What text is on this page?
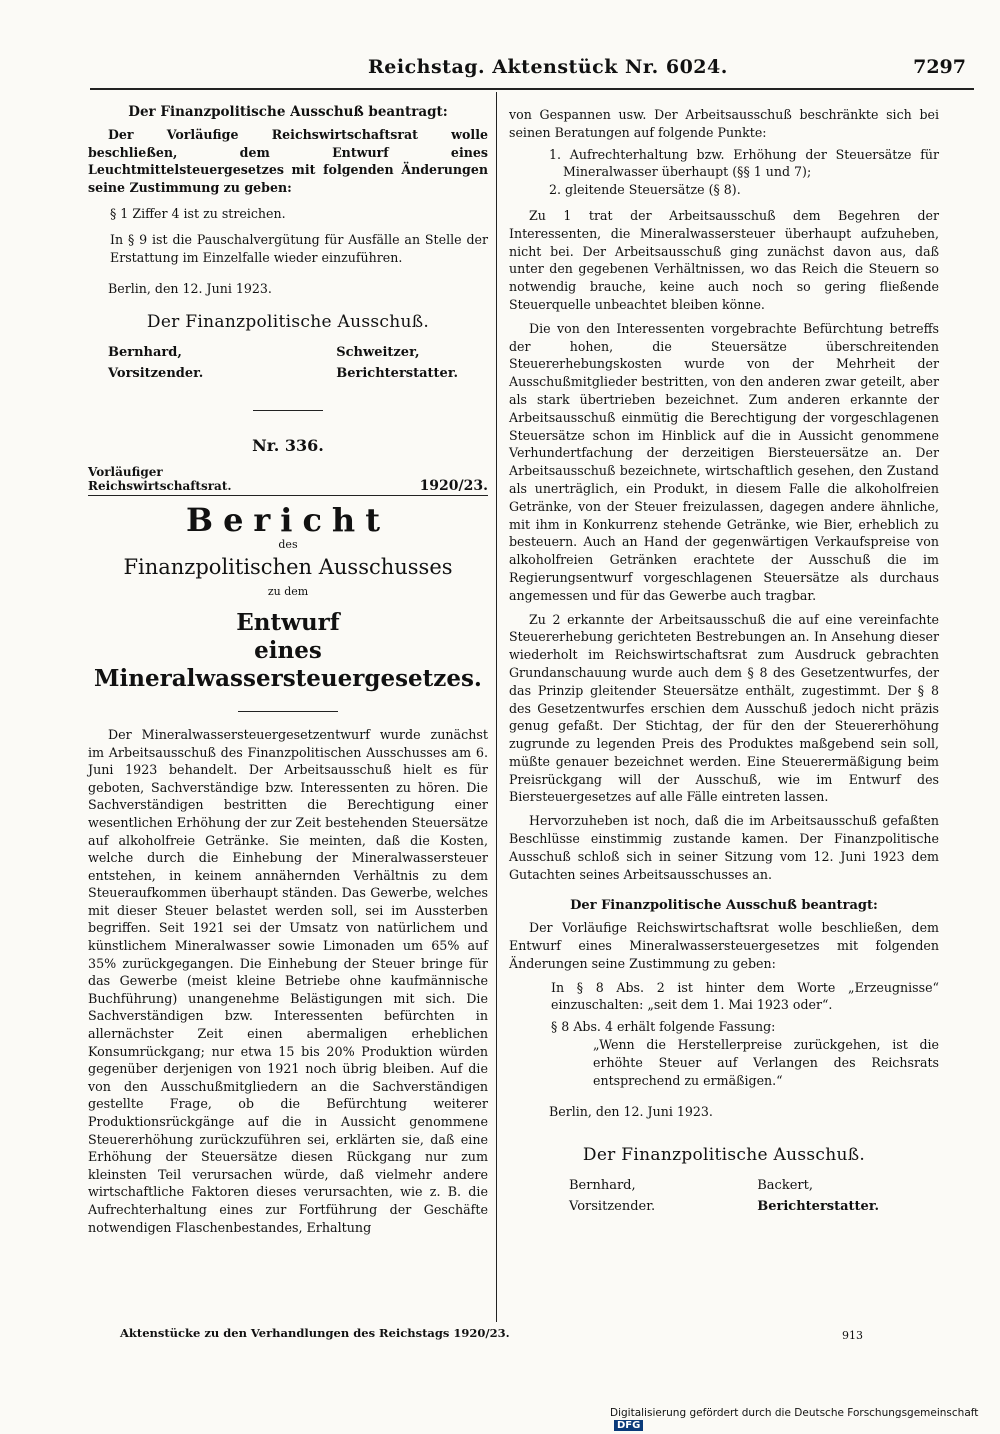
Reichstag. Aktenstück Nr. 6024.	7297

Der Finanzpolitische Ausschuß beantragt:

Der Vorläufige Reichswirtschaftsrat wolle beschließen, dem Entwurf eines Leuchtmittelsteuergesetzes mit folgenden Änderungen seine Zustimmung zu geben:

§ 1 Ziffer 4 ist zu streichen.

In § 9 ist die Pauschalvergütung für Ausfälle an Stelle der Erstattung im Einzelfalle wieder einzuführen.

Berlin, den 12. Juni 1923.

Der Finanzpolitische Ausschuß.

Bernhard,
Vorsitzender.
Schweitzer,
Berichterstatter.

Nr. 336.

Vorläufiger
Reichswirtschaftsrat.	1920/23.

Bericht

des

Finanzpolitischen Ausschusses

zu dem

Entwurf

eines Mineralwassersteuergesetzes.

Der Mineralwassersteuergesetzentwurf wurde zunächst im Arbeitsausschuß des Finanzpolitischen Ausschusses am 6. Juni 1923 behandelt. Der Arbeitsausschuß hielt es für geboten, Sachverständige bzw. Interessenten zu hören. Die Sachverständigen bestritten die Berechtigung einer wesentlichen Erhöhung der zur Zeit bestehenden Steuersätze auf alkoholfreie Getränke. Sie meinten, daß die Kosten, welche durch die Einhebung der Mineralwassersteuer entstehen, in keinem annähernden Verhältnis zu dem Steueraufkommen überhaupt ständen. Das Gewerbe, welches mit dieser Steuer belastet werden soll, sei im Aussterben begriffen. Seit 1921 sei der Umsatz von natürlichem und künstlichem Mineralwasser sowie Limonaden um 65% auf 35% zurückgegangen. Die Einhebung der Steuer bringe für das Gewerbe (meist kleine Betriebe ohne kaufmännische Buchführung) unangenehme Belästigungen mit sich. Die Sachverständigen bzw. Interessenten befürchten in allernächster Zeit einen abermaligen erheblichen Konsumrückgang; nur etwa 15 bis 20% Produktion würden gegenüber derjenigen von 1921 noch übrig bleiben. Auf die von den Ausschußmitgliedern an die Sachverständigen gestellte Frage, ob die Befürchtung weiterer Produktionsrückgänge auf die in Aussicht genommene Steuererhöhung zurückzuführen sei, erklärten sie, daß eine Erhöhung der Steuersätze diesen Rückgang nur zum kleinsten Teil verursachen würde, daß vielmehr andere wirtschaftliche Faktoren dieses verursachten, wie z. B. die Aufrechterhaltung eines zur Fortführung der Geschäfte notwendigen Flaschenbestandes, Erhaltung

von Gespannen usw. Der Arbeitsausschuß beschränkte sich bei seinen Beratungen auf folgende Punkte:

1. Aufrechterhaltung bzw. Erhöhung der Steuersätze für Mineralwasser überhaupt (§§ 1 und 7);

2. gleitende Steuersätze (§ 8).

Zu 1 trat der Arbeitsausschuß dem Begehren der Interessenten, die Mineralwassersteuer überhaupt aufzuheben, nicht bei. Der Arbeitsausschuß ging zunächst davon aus, daß unter den gegebenen Verhältnissen, wo das Reich die Steuern so notwendig brauche, keine auch noch so gering fließende Steuerquelle unbeachtet bleiben könne.

Die von den Interessenten vorgebrachte Befürchtung betreffs der hohen, die Steuersätze überschreitenden Steuererhebungskosten wurde von der Mehrheit der Ausschußmitglieder bestritten, von den anderen zwar geteilt, aber als stark übertrieben bezeichnet. Zum anderen erkannte der Arbeitsausschuß einmütig die Berechtigung der vorgeschlagenen Steuersätze schon im Hinblick auf die in Aussicht genommene Verhundertfachung der derzeitigen Biersteuersätze an. Der Arbeitsausschuß bezeichnete, wirtschaftlich gesehen, den Zustand als unerträglich, ein Produkt, in diesem Falle die alkoholfreien Getränke, von der Steuer freizulassen, dagegen andere ähnliche, mit ihm in Konkurrenz stehende Getränke, wie Bier, erheblich zu besteuern. Auch an Hand der gegenwärtigen Verkaufspreise von alkoholfreien Getränken erachtete der Ausschuß die im Regierungsentwurf vorgeschlagenen Steuersätze als durchaus angemessen und für das Gewerbe auch tragbar.

Zu 2 erkannte der Arbeitsausschuß die auf eine vereinfachte Steuererhebung gerichteten Bestrebungen an. In Ansehung dieser wiederholt im Reichswirtschaftsrat zum Ausdruck gebrachten Grundanschauung wurde auch dem § 8 des Gesetzentwurfes, der das Prinzip gleitender Steuersätze enthält, zugestimmt. Der § 8 des Gesetzentwurfes erschien dem Ausschuß jedoch nicht präzis genug gefaßt. Der Stichtag, der für den der Steuererhöhung zugrunde zu legenden Preis des Produktes maßgebend sein soll, müßte genauer bezeichnet werden. Eine Steuerermäßigung beim Preisrückgang will der Ausschuß, wie im Entwurf des Biersteuergesetzes auf alle Fälle eintreten lassen.

Hervorzuheben ist noch, daß die im Arbeitsausschuß gefaßten Beschlüsse einstimmig zustande kamen. Der Finanzpolitische Ausschuß schloß sich in seiner Sitzung vom 12. Juni 1923 dem Gutachten seines Arbeitsausschusses an.

Der Finanzpolitische Ausschuß beantragt:

Der Vorläufige Reichswirtschaftsrat wolle beschließen, dem Entwurf eines Mineralwassersteuergesetzes mit folgenden Änderungen seine Zustimmung zu geben:

In § 8 Abs. 2 ist hinter dem Worte „Erzeugnisse“ einzuschalten: „seit dem 1. Mai 1923 oder“.

§ 8 Abs. 4 erhält folgende Fassung:

„Wenn die Herstellerpreise zurückgehen, ist die erhöhte Steuer auf Verlangen des Reichsrats entsprechend zu ermäßigen.“

Berlin, den 12. Juni 1923.

Der Finanzpolitische Ausschuß.

Bernhard,
Vorsitzender.
Backert,
Berichterstatter.
Aktenstücke zu den Verhandlungen des Reichstags 1920/23.	913
Digitalisierung gefördert durch die Deutsche Forschungsgemeinschaft DFG
